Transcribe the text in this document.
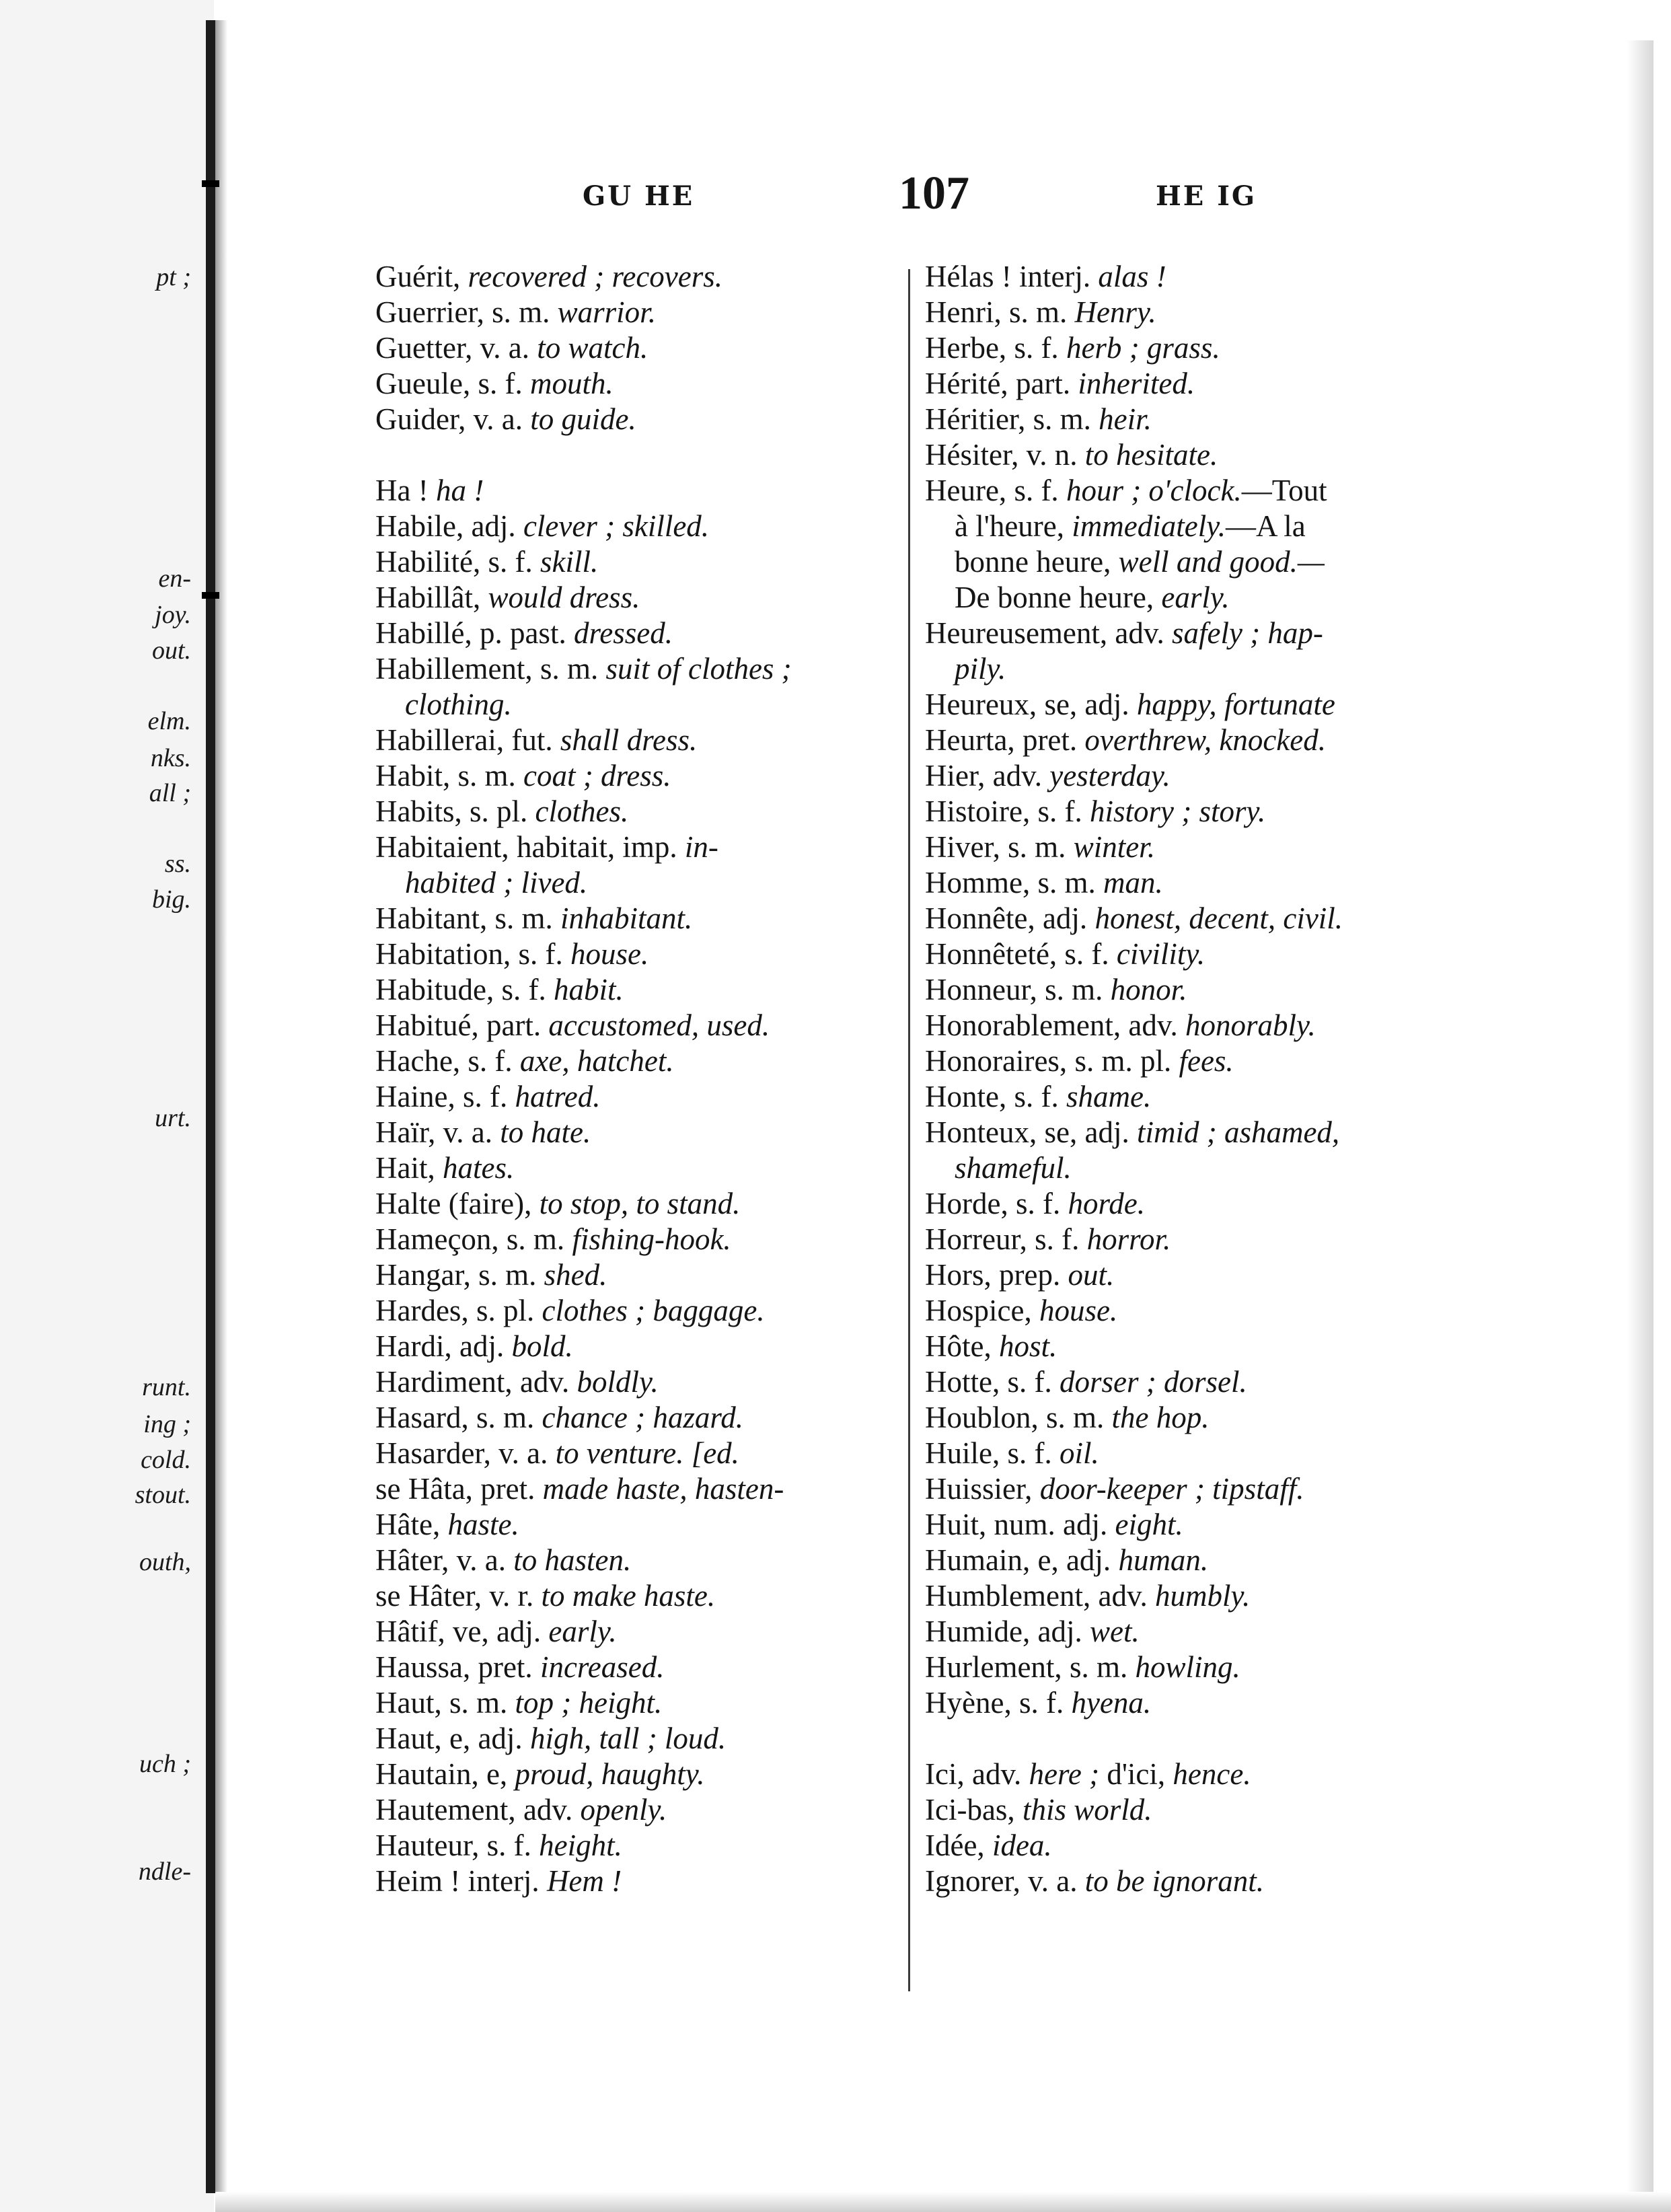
pt ;
en-
joy.
out.
elm.
nks.
all ;
ss.
big.
urt.
runt.
ing ;
cold.
stout.
outh,
uch ;
ndle-
GU HE	107	HE IG
Guérit, recovered ; recovers.
Guerrier, s. m. warrior.
Guetter, v. a. to watch.
Gueule, s. f. mouth.
Guider, v. a. to guide.
Ha ! ha !
Habile, adj. clever ; skilled.
Habilité, s. f. skill.
Habillât, would dress.
Habillé, p. past. dressed.
Habillement, s. m. suit of clothes ;
clothing.
Habillerai, fut. shall dress.
Habit, s. m. coat ; dress.
Habits, s. pl. clothes.
Habitaient, habitait, imp. in-
habited ; lived.
Habitant, s. m. inhabitant.
Habitation, s. f. house.
Habitude, s. f. habit.
Habitué, part. accustomed, used.
Hache, s. f. axe, hatchet.
Haine, s. f. hatred.
Haïr, v. a. to hate.
Hait, hates.
Halte (faire), to stop, to stand.
Hameçon, s. m. fishing-hook.
Hangar, s. m. shed.
Hardes, s. pl. clothes ; baggage.
Hardi, adj. bold.
Hardiment, adv. boldly.
Hasard, s. m. chance ; hazard.
Hasarder, v. a. to venture. [ed.
se Hâta, pret. made haste, hasten-
Hâte, haste.
Hâter, v. a. to hasten.
se Hâter, v. r. to make haste.
Hâtif, ve, adj. early.
Haussa, pret. increased.
Haut, s. m. top ; height.
Haut, e, adj. high, tall ; loud.
Hautain, e, proud, haughty.
Hautement, adv. openly.
Hauteur, s. f. height.
Heim ! interj. Hem !
Hélas ! interj. alas !
Henri, s. m. Henry.
Herbe, s. f. herb ; grass.
Hérité, part. inherited.
Héritier, s. m. heir.
Hésiter, v. n. to hesitate.
Heure, s. f. hour ; o'clock.—Tout
à l'heure, immediately.—A la
bonne heure, well and good.—
De bonne heure, early.
Heureusement, adv. safely ; hap-
pily.
Heureux, se, adj. happy, fortunate
Heurta, pret. overthrew, knocked.
Hier, adv. yesterday.
Histoire, s. f. history ; story.
Hiver, s. m. winter.
Homme, s. m. man.
Honnête, adj. honest, decent, civil.
Honnêteté, s. f. civility.
Honneur, s. m. honor.
Honorablement, adv. honorably.
Honoraires, s. m. pl. fees.
Honte, s. f. shame.
Honteux, se, adj. timid ; ashamed,
shameful.
Horde, s. f. horde.
Horreur, s. f. horror.
Hors, prep. out.
Hospice, house.
Hôte, host.
Hotte, s. f. dorser ; dorsel.
Houblon, s. m. the hop.
Huile, s. f. oil.
Huissier, door-keeper ; tipstaff.
Huit, num. adj. eight.
Humain, e, adj. human.
Humblement, adv. humbly.
Humide, adj. wet.
Hurlement, s. m. howling.
Hyène, s. f. hyena.
Ici, adv. here ; d'ici, hence.
Ici-bas, this world.
Idée, idea.
Ignorer, v. a. to be ignorant.
